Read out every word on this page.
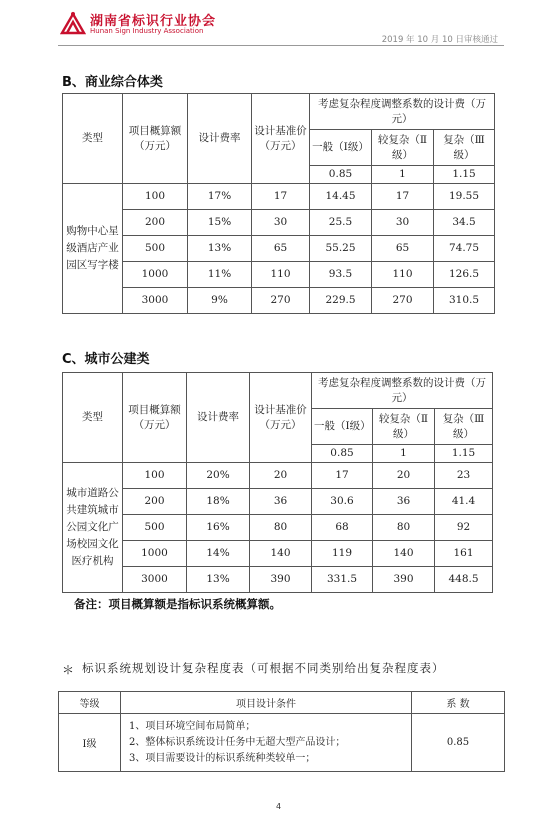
湖南省标识行业协会
Hunan Sign Industry Association
2019 年 10 月 10 日审核通过
B、商业综合体类
类型	项目概算额（万元）	设计费率	设计基准价（万元）	考虑复杂程度调整系数的设计费（万元）		
				一般（Ⅰ级）	较复杂（Ⅱ级）	复杂（Ⅲ级）
				0.85	1	1.15
购物中心星级酒店产业园区写字楼	100	17%	17	14.45	17	19.55
	200	15%	30	25.5	30	34.5
	500	13%	65	55.25	65	74.75
	1000	11%	110	93.5	110	126.5
	3000	9%	270	229.5	270	310.5
C、城市公建类
类型	项目概算额（万元）	设计费率	设计基准价（万元）	考虑复杂程度调整系数的设计费（万元）		
				一般（Ⅰ级）	较复杂（Ⅱ级）	复杂（Ⅲ级）
				0.85	1	1.15
城市道路公共建筑城市公园文化广场校园文化医疗机构	100	20%	20	17	20	23
	200	18%	36	30.6	36	41.4
	500	16%	80	68	80	92
	1000	14%	140	119	140	161
	3000	13%	390	331.5	390	448.5
备注：项目概算额是指标识系统概算额。
＊ 标识系统规划设计复杂程度表（可根据不同类别给出复杂程度表）
等级	项目设计条件	系 数
Ⅰ级	1、项目环境空间布局简单；
2、整体标识系统设计任务中无超大型产品设计；
3、项目需要设计的标识系统种类较单一；	0.85
4
